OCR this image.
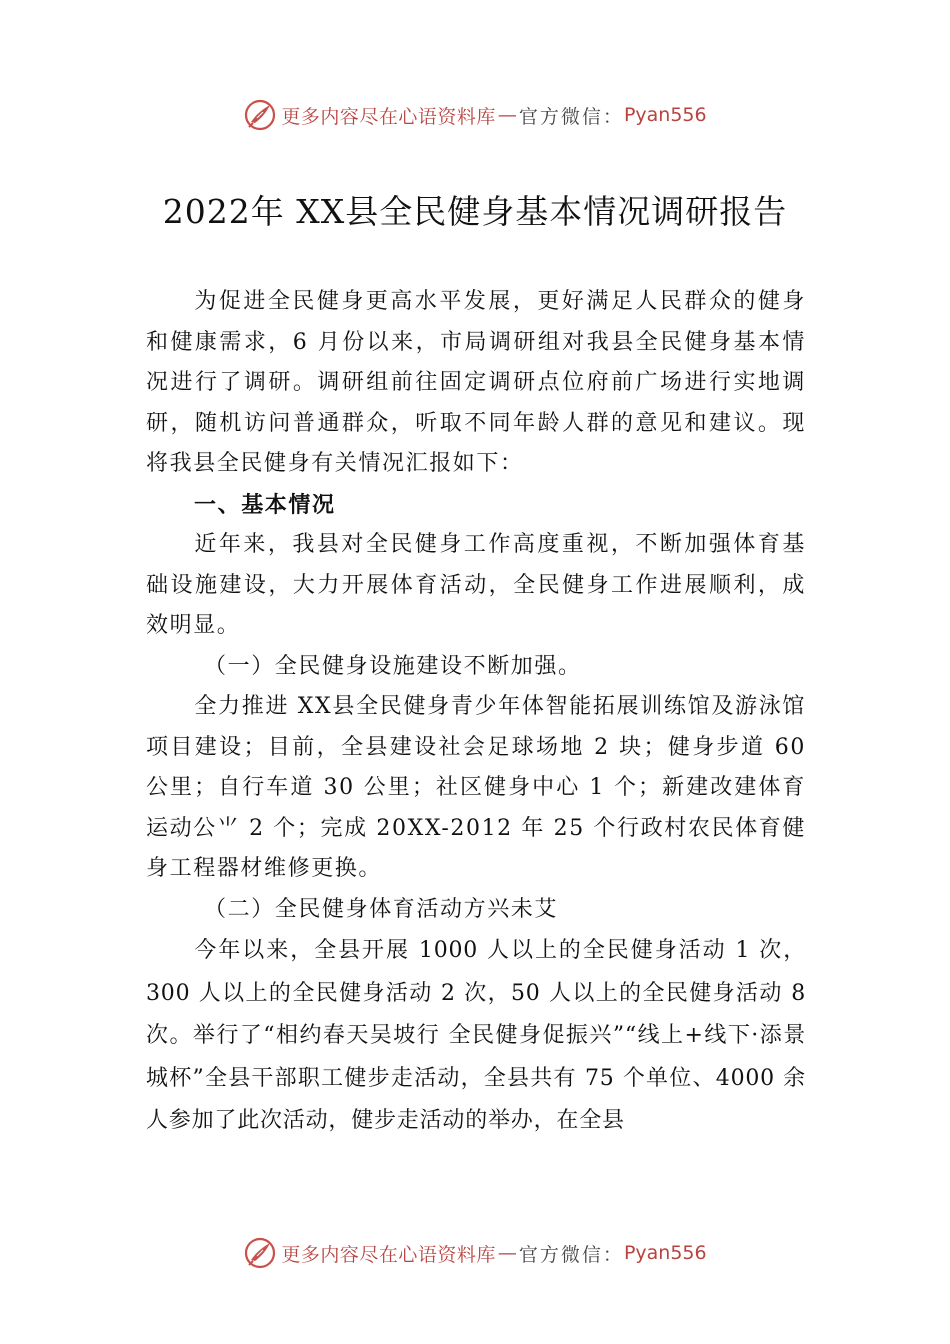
更多内容尽在心语资料库 — 官方微信： Pyan556
2022年 XX县全民健身基本情况调研报告

为促进全民健身更高水平发展，更好满足人民群众的健身和健康需求，6 月份以来，市局调研组对我县全民健身基本情况进行了调研。调研组前往固定调研点位府前广场进行实地调研，随机访问普通群众，听取不同年龄人群的意见和建议。现将我县全民健身有关情况汇报如下：

一、基本情况

近年来，我县对全民健身工作高度重视，不断加强体育基础设施建设，大力开展体育活动，全民健身工作进展顺利，成效明显。

（一）全民健身设施建设不断加强。

全力推进 XX县全民健身青少年体智能拓展训练馆及游泳馆项目建设；目前，全县建设社会足球场地 2 块；健身步道 60 公里；自行车道 30 公里；社区健身中心 1 个；新建改建体育运动公⺌ 2 个；完成 20XX-2012 年 25 个行政村农民体育健身工程器材维修更换。

（二）全民健身体育活动方兴未艾

今年以来，全县开展 1000 人以上的全民健身活动 1 次，300 人以上的全民健身活动 2 次，50 人以上的全民健身活动 8 次。举行了“相约春天吴坡行 全民健身促振兴”“线上+线下·添景城杯”全县干部职工健步走活动，全县共有 75 个单位、4000 余人参加了此次活动，健步走活动的举办，在全县

更多内容尽在心语资料库 — 官方微信： Pyan556
